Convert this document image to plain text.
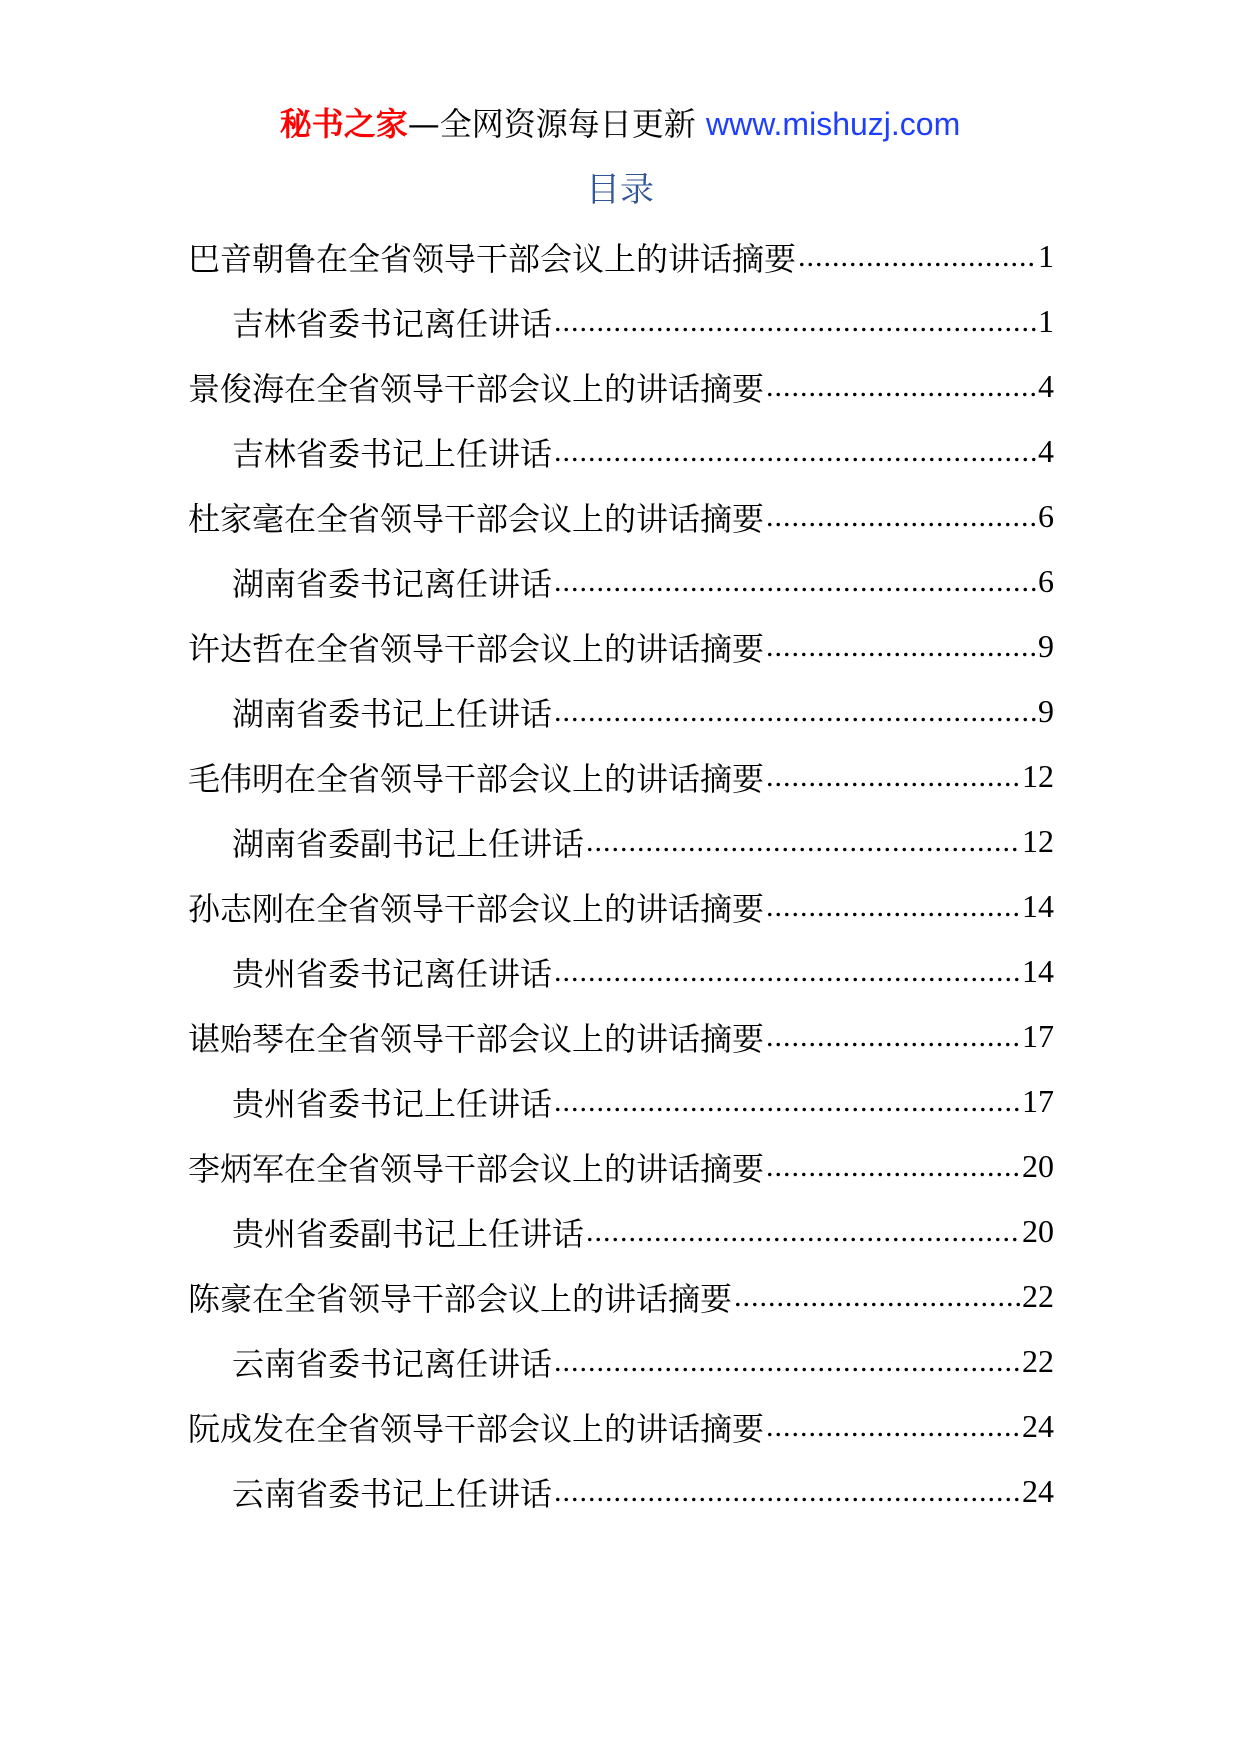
秘书之家—全网资源每日更新 www.mishuzj.com
目录
巴音朝鲁在全省领导干部会议上的讲话摘要 .....	1
吉林省委书记离任讲话 .....	1
景俊海在全省领导干部会议上的讲话摘要 .....	4
吉林省委书记上任讲话 .....	4
杜家毫在全省领导干部会议上的讲话摘要 .....	6
湖南省委书记离任讲话 .....	6
许达哲在全省领导干部会议上的讲话摘要 .....	9
湖南省委书记上任讲话 .....	9
毛伟明在全省领导干部会议上的讲话摘要 .....	12
湖南省委副书记上任讲话 .....	12
孙志刚在全省领导干部会议上的讲话摘要 .....	14
贵州省委书记离任讲话 .....	14
谌贻琴在全省领导干部会议上的讲话摘要 .....	17
贵州省委书记上任讲话 .....	17
李炳军在全省领导干部会议上的讲话摘要 .....	20
贵州省委副书记上任讲话 .....	20
陈豪在全省领导干部会议上的讲话摘要 .....	22
云南省委书记离任讲话 .....	22
阮成发在全省领导干部会议上的讲话摘要 .....	24
云南省委书记上任讲话 .....	24
